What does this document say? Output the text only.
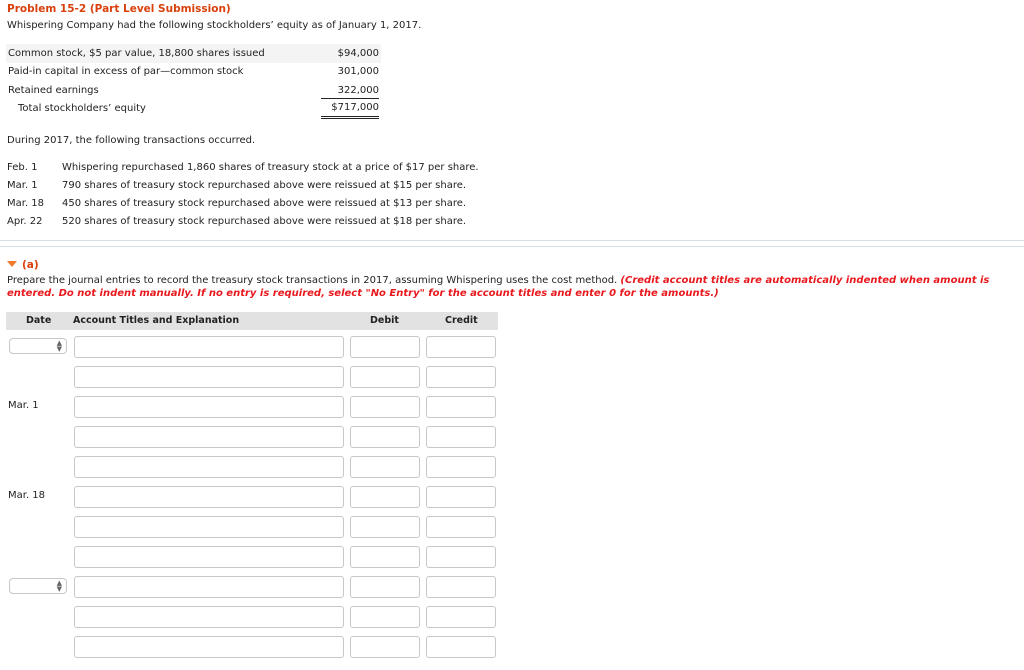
Problem 15-2 (Part Level Submission)
Whispering Company had the following stockholders’ equity as of January 1, 2017.
Common stock, $5 par value, 18,800 shares issued	$94,000
Paid-in capital in excess of par—common stock	301,000
Retained earnings	322,000
Total stockholders’ equity	$717,000
During 2017, the following transactions occurred.
Feb. 1	Whispering repurchased 1,860 shares of treasury stock at a price of $17 per share.
Mar. 1	790 shares of treasury stock repurchased above were reissued at $15 per share.
Mar. 18	450 shares of treasury stock repurchased above were reissued at $13 per share.
Apr. 22	520 shares of treasury stock repurchased above were reissued at $18 per share.
(a)
Prepare the journal entries to record the treasury stock transactions in 2017, assuming Whispering uses the cost method. (Credit account titles are automatically indented when amount is
entered. Do not indent manually. If no entry is required, select "No Entry" for the account titles and enter 0 for the amounts.)
Date Account Titles and Explanation	Debit	Credit
▲
▼
Mar. 1
Mar. 18
▲
▼
